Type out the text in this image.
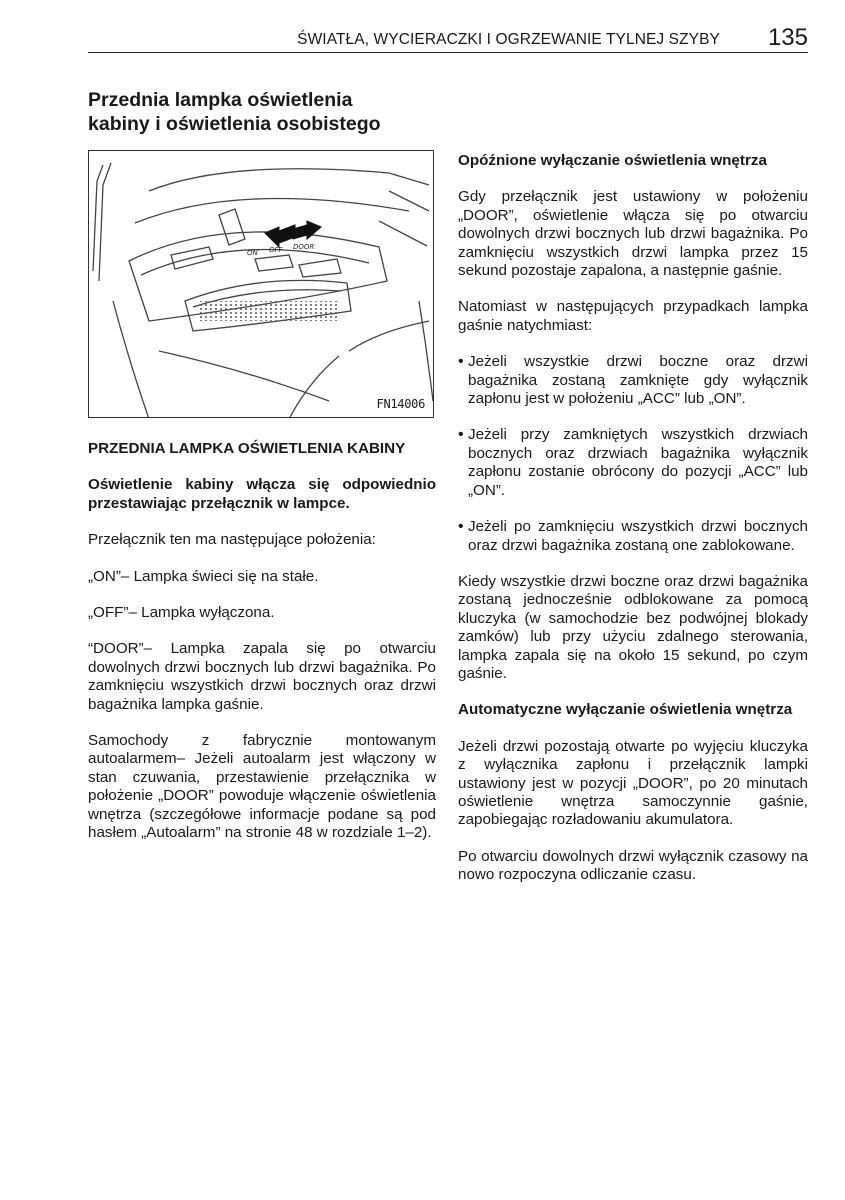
ŚWIATŁA, WYCIERACZKI I OGRZEWANIE TYLNEJ SZYBY 135
Przednia lampka oświetlenia
kabiny i oświetlenia osobistego
ON OFF DOOR
FN14006

PRZEDNIA LAMPKA OŚWIETLENIA KABINY

Oświetlenie kabiny włącza się odpowiednio przestawiając przełącznik w lampce.

Przełącznik ten ma następujące położenia:

„ON”– Lampka świeci się na stałe.

„OFF”– Lampka wyłączona.

“DOOR”– Lampka zapala się po otwarciu dowolnych drzwi bocznych lub drzwi bagażnika. Po zamknięciu wszystkich drzwi bocznych oraz drzwi bagażnika lampka gaśnie.

Samochody z fabrycznie montowanym autoalarmem– Jeżeli autoalarm jest włączony w stan czuwania, przestawienie przełącznika w położenie „DOOR” powoduje włączenie oświetlenia wnętrza (szczegółowe informacje podane są pod hasłem „Autoalarm” na stronie 48 w rozdziale 1–2).

Opóźnione wyłączanie oświetlenia wnętrza

Gdy przełącznik jest ustawiony w położeniu „DOOR”, oświetlenie włącza się po otwarciu dowolnych drzwi bocznych lub drzwi bagażnika. Po zamknięciu wszystkich drzwi lampka przez 15 sekund pozostaje zapalona, a następnie gaśnie.

Natomiast w następujących przypadkach lampka gaśnie natychmiast:

• Jeżeli wszystkie drzwi boczne oraz drzwi bagażnika zostaną zamknięte gdy wyłącznik zapłonu jest w położeniu „ACC” lub „ON”.

• Jeżeli przy zamkniętych wszystkich drzwiach bocznych oraz drzwiach bagażnika wyłącznik zapłonu zostanie obrócony do pozycji „ACC” lub „ON”.

• Jeżeli po zamknięciu wszystkich drzwi bocznych oraz drzwi bagażnika zostaną one zablokowane.

Kiedy wszystkie drzwi boczne oraz drzwi bagażnika zostaną jednocześnie odblokowane za pomocą kluczyka (w samochodzie bez podwójnej blokady zamków) lub przy użyciu zdalnego sterowania, lampka zapala się na około 15 sekund, po czym gaśnie.

Automatyczne wyłączanie oświetlenia wnętrza

Jeżeli drzwi pozostają otwarte po wyjęciu kluczyka z wyłącznika zapłonu i przełącznik lampki ustawiony jest w pozycji „DOOR”, po 20 minutach oświetlenie wnętrza samoczynnie gaśnie, zapobiegając rozładowaniu akumulatora.

Po otwarciu dowolnych drzwi wyłącznik czasowy na nowo rozpoczyna odliczanie czasu.
